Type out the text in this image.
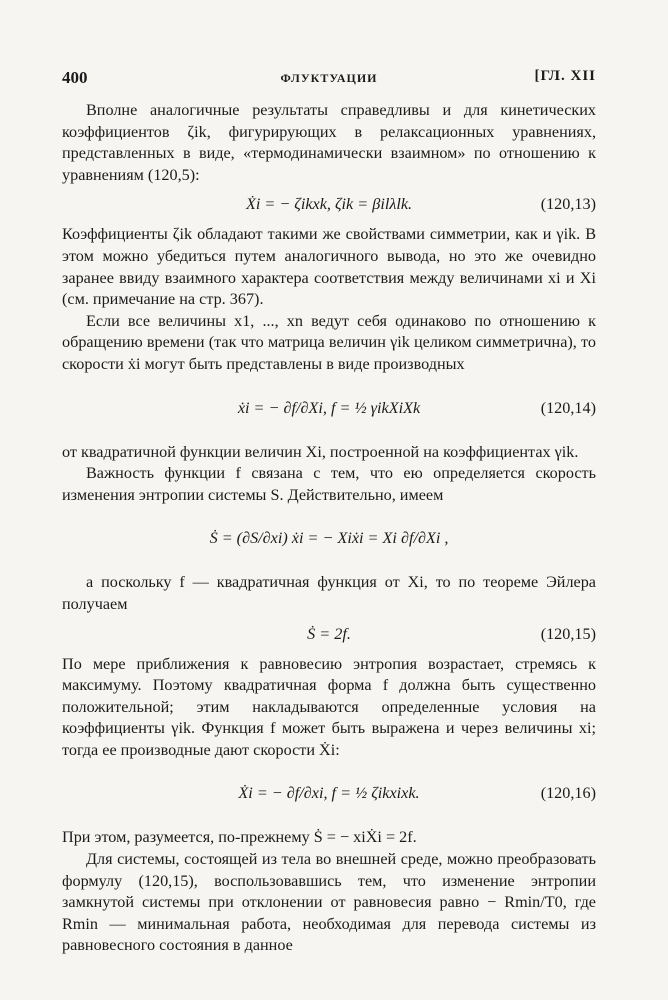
400	ФЛУКТУАЦИИ	[ГЛ. XII

Вполне аналогичные результаты справедливы и для кинетических коэффициентов ζik, фигурирующих в релаксационных уравнениях, представленных в виде, «термодинамически взаимном» по отношению к уравнениям (120,5):

Ẋi = − ζikxk, ζik = βilλlk.	(120,13)

Коэффициенты ζik обладают такими же свойствами симметрии, как и γik. В этом можно убедиться путем аналогичного вывода, но это же очевидно заранее ввиду взаимного характера соответствия между величинами xi и Xi (см. примечание на стр. 367).

Если все величины x1, ..., xn ведут себя одинаково по отношению к обращению времени (так что матрица величин γik целиком симметрична), то скорости ẋi могут быть представлены в виде производных

ẋi = − ∂f/∂Xi, f = ½ γikXiXk	(120,14)

от квадратичной функции величин Xi, построенной на коэффициентах γik.

Важность функции f связана с тем, что ею определяется скорость изменения энтропии системы S. Действительно, имеем

Ṡ = (∂S/∂xi) ẋi = − Xiẋi = Xi ∂f/∂Xi ,

а поскольку f — квадратичная функция от Xi, то по теореме Эйлера получаем

Ṡ = 2f.	(120,15)

По мере приближения к равновесию энтропия возрастает, стремясь к максимуму. Поэтому квадратичная форма f должна быть существенно положительной; этим накладываются определенные условия на коэффициенты γik. Функция f может быть выражена и через величины xi; тогда ее производные дают скорости Ẋi:

Ẋi = − ∂f/∂xi, f = ½ ζikxixk.	(120,16)

При этом, разумеется, по-прежнему Ṡ = − xiẊi = 2f.

Для системы, состоящей из тела во внешней среде, можно преобразовать формулу (120,15), воспользовавшись тем, что изменение энтропии замкнутой системы при отклонении от равновесия равно − Rmin/T0, где Rmin — минимальная работа, необходимая для перевода системы из равновесного состояния в данное
